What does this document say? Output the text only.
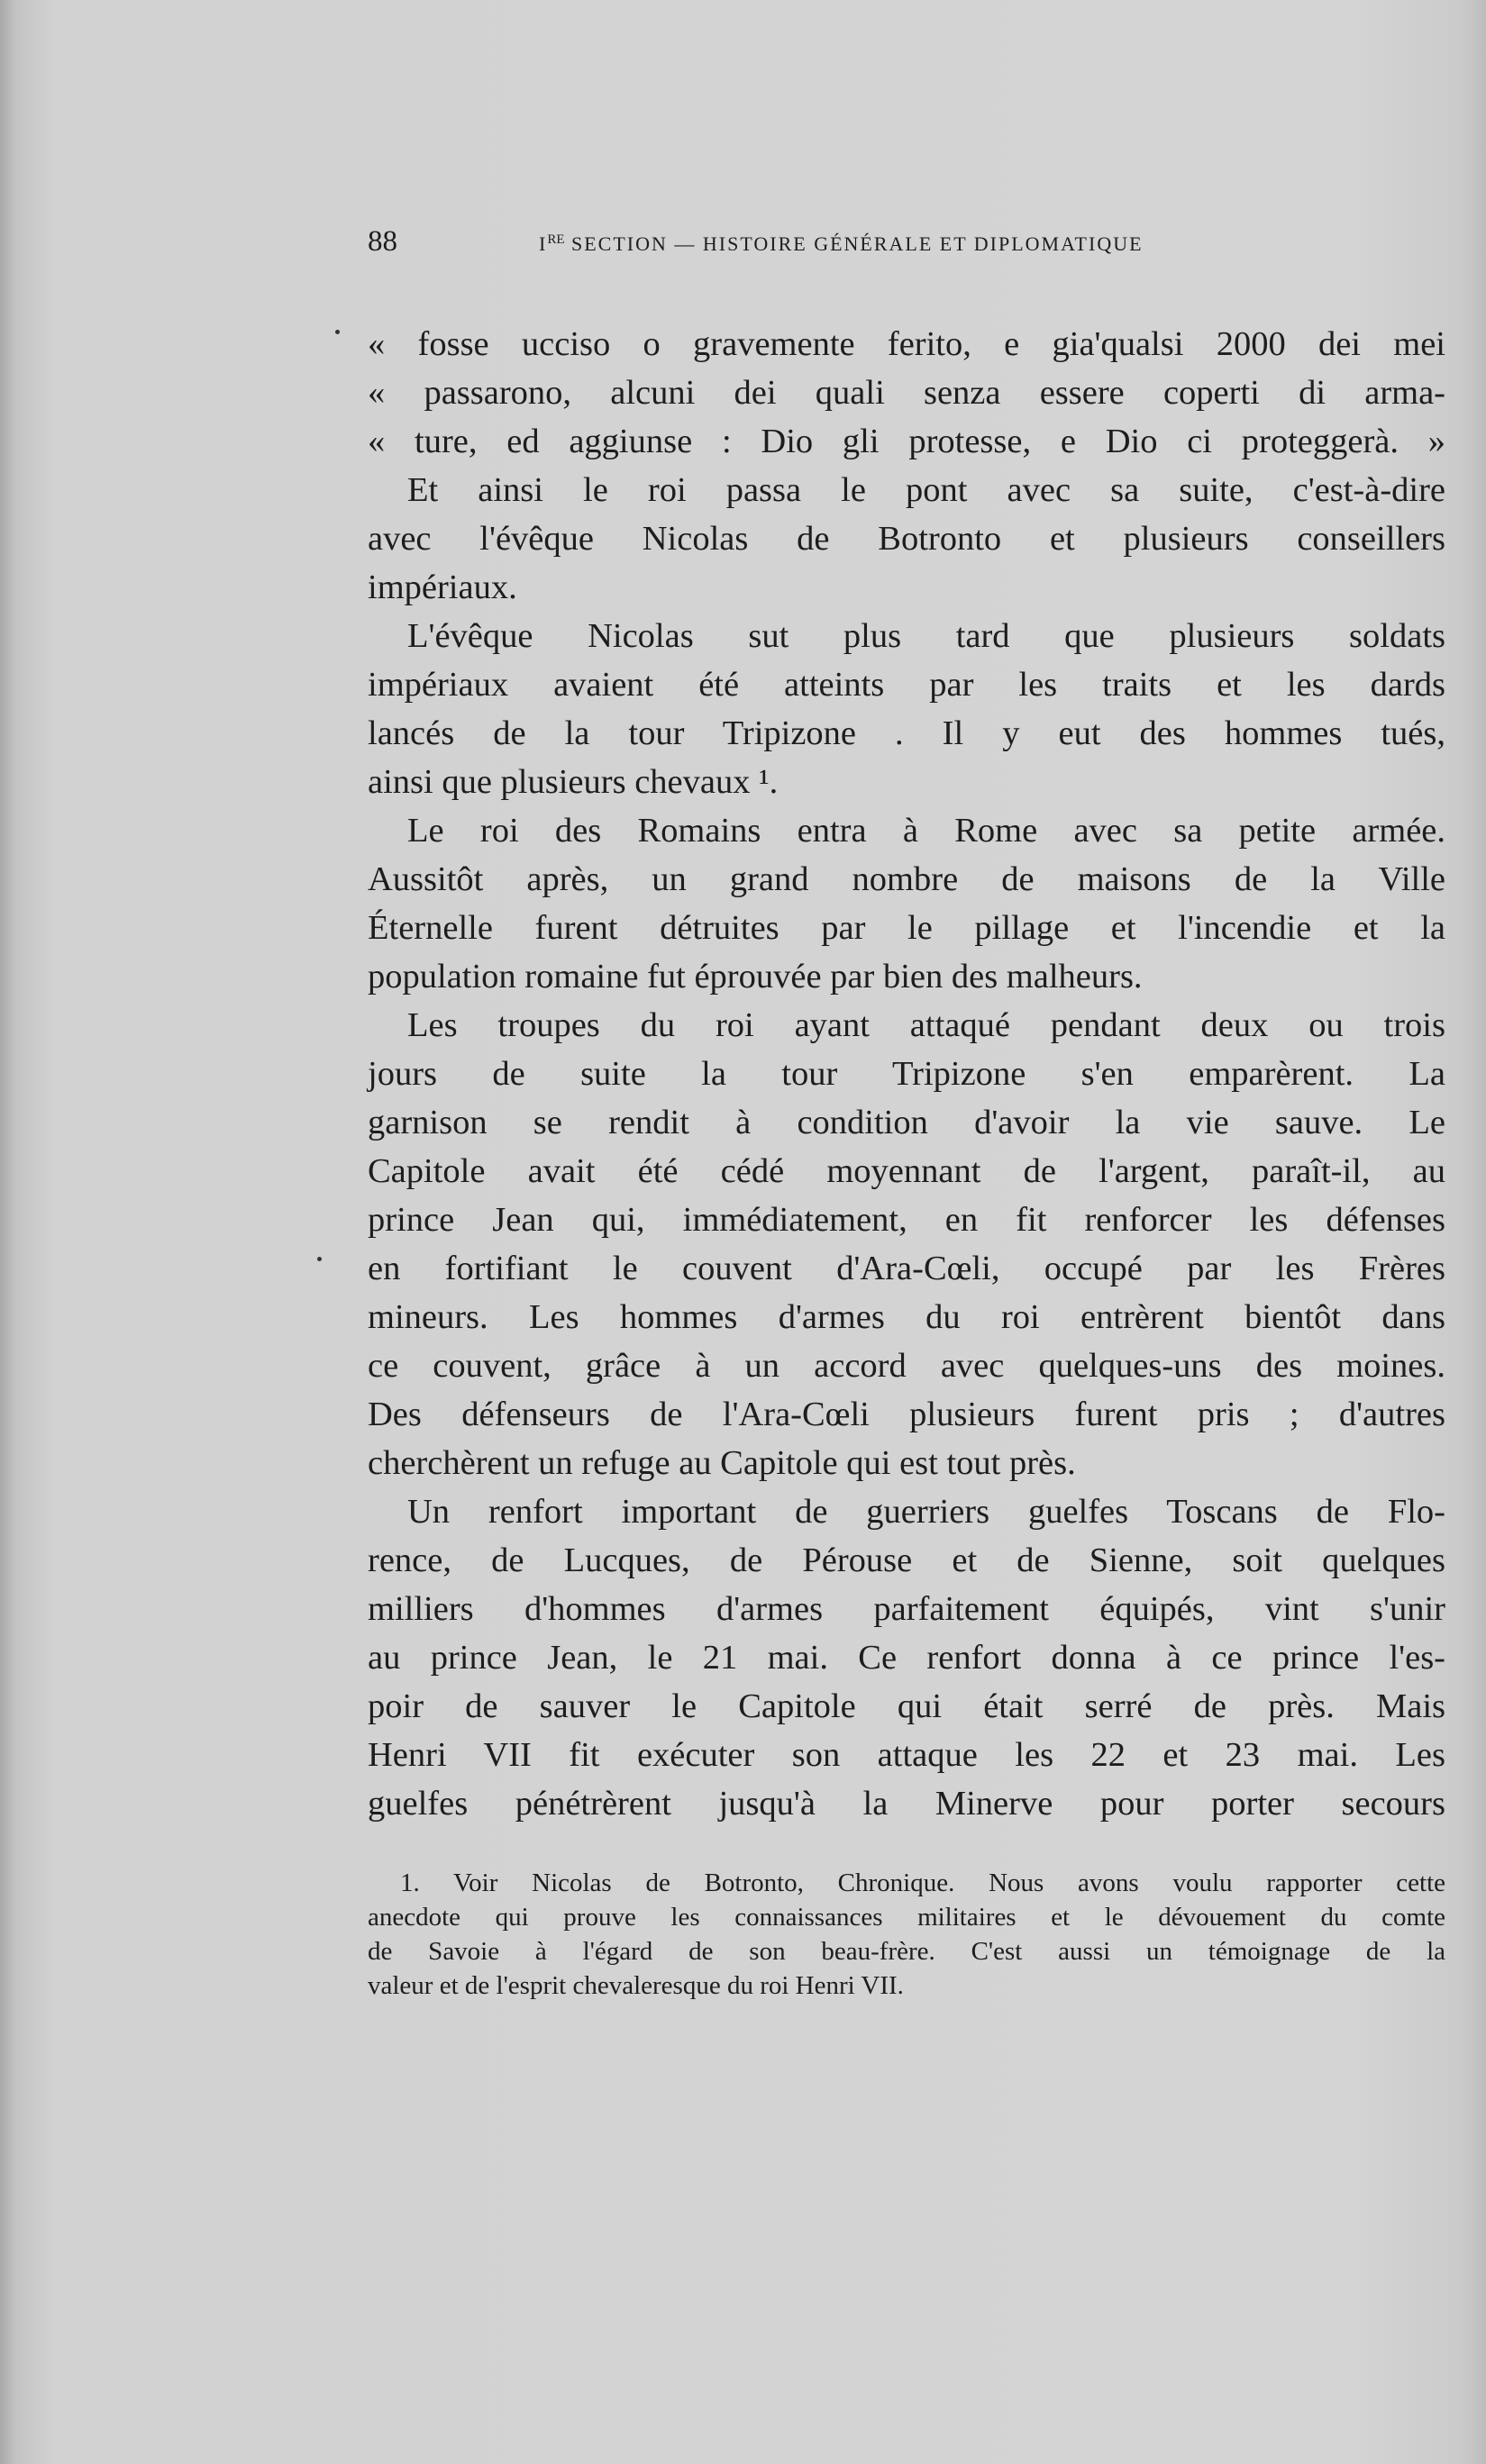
88	IRE SECTION — HISTOIRE GÉNÉRALE ET DIPLOMATIQUE
« fosse ucciso o gravemente ferito, e gia'qualsi 2000 dei mei
« passarono, alcuni dei quali senza essere coperti di arma-
« ture, ed aggiunse : Dio gli protesse, e Dio ci proteggerà. »
Et ainsi le roi passa le pont avec sa suite, c'est-à-dire
avec l'évêque Nicolas de Botronto et plusieurs conseillers
impériaux.
L'évêque Nicolas sut plus tard que plusieurs soldats
impériaux avaient été atteints par les traits et les dards
lancés de la tour Tripizone . Il y eut des hommes tués,
ainsi que plusieurs chevaux ¹.
Le roi des Romains entra à Rome avec sa petite armée.
Aussitôt après, un grand nombre de maisons de la Ville
Éternelle furent détruites par le pillage et l'incendie et la
population romaine fut éprouvée par bien des malheurs.
Les troupes du roi ayant attaqué pendant deux ou trois
jours de suite la tour Tripizone s'en emparèrent. La
garnison se rendit à condition d'avoir la vie sauve. Le
Capitole avait été cédé moyennant de l'argent, paraît-il, au
prince Jean qui, immédiatement, en fit renforcer les défenses
en fortifiant le couvent d'Ara-Cœli, occupé par les Frères
mineurs. Les hommes d'armes du roi entrèrent bientôt dans
ce couvent, grâce à un accord avec quelques-uns des moines.
Des défenseurs de l'Ara-Cœli plusieurs furent pris ; d'autres
cherchèrent un refuge au Capitole qui est tout près.
Un renfort important de guerriers guelfes Toscans de Flo-
rence, de Lucques, de Pérouse et de Sienne, soit quelques
milliers d'hommes d'armes parfaitement équipés, vint s'unir
au prince Jean, le 21 mai. Ce renfort donna à ce prince l'es-
poir de sauver le Capitole qui était serré de près. Mais
Henri VII fit exécuter son attaque les 22 et 23 mai. Les
guelfes pénétrèrent jusqu'à la Minerve pour porter secours
1. Voir Nicolas de Botronto, Chronique. Nous avons voulu rapporter cette
anecdote qui prouve les connaissances militaires et le dévouement du comte
de Savoie à l'égard de son beau-frère. C'est aussi un témoignage de la
valeur et de l'esprit chevaleresque du roi Henri VII.
